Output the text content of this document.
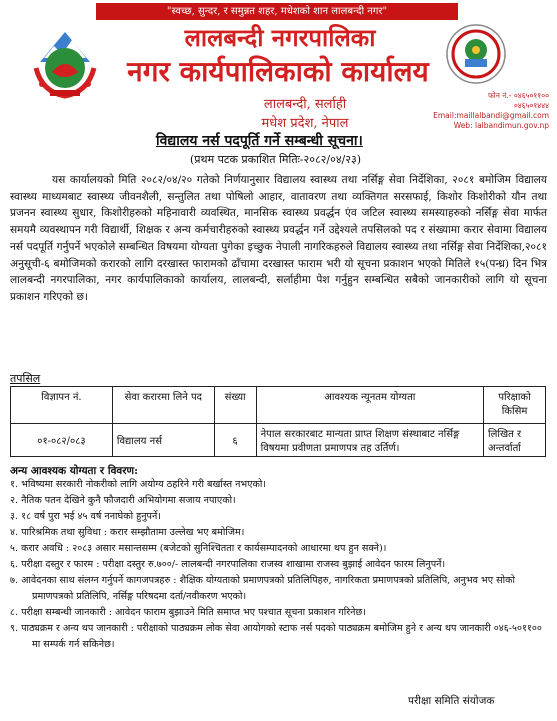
"स्वच्छ, सुन्दर, र समुन्नत शहर, मधेशको शान लालबन्दी नगर"
लालबन्दी नगरपालिका
नगर कार्यपालिकाको कार्यालय
लालबन्दी, सर्लाही
मधेश प्रदेश, नेपाल
फोन नं.- ०४६५०११००
०४६५०१४४४
Email:maillalbandi@gmail.com
Web: lalbandimun.gov.np
विद्यालय नर्स पदपूर्ति गर्ने सम्बन्धी सूचना।
(प्रथम पटक प्रकाशित मितिः-२०८२/०४/२३)
यस कार्यालयको मिति २०८२/०४/२० गतेको निर्णयानुसार विद्यालय स्वास्थ्य तथा नर्सिङ्ग सेवा निर्देशिका, २०८१ बमोजिम विद्यालय स्वास्थ्य माध्यमबाट स्वास्थ्य जीवनशैली, सन्तुलित तथा पोषिलो आहार, वातावरण तथा व्यक्तिगत सरसफाई, किशोर किशोरीको यौन तथा प्रजनन स्वास्थ्य सुधार, किशोरीहरुको महिनावारी व्यवस्थित, मानसिक स्वास्थ्य प्रवर्द्धन एंव जटिल स्वास्थ्य समस्याहरुको नर्सिङ्ग सेवा मार्फत समयमै व्यवस्थापन गरी विद्यार्थी, शिक्षक र अन्य कर्मचारीहरुको स्वास्थ्य प्रवर्द्धन गर्ने उद्देश्यले तपसिलको पद र संख्यामा करार सेवामा विद्यालय नर्स पदपूर्ति गर्नुपर्ने भएकोले सम्बन्धित विषयमा योग्यता पुगेका इच्छुक नेपाली नागरिकहरुले विद्यालय स्वास्थ्य तथा नर्सिङ्ग सेवा निर्देशिका,२०८१ अनुसूची-६ बमोजिमको करारको लागि दरखास्त फारामको ढाँचामा दरखास्त फाराम भरी यो सूचना प्रकाशन भएको मितिले १५(पन्ध्र) दिन भित्र लालबन्दी नगरपालिका, नगर कार्यपालिकाको कार्यालय, लालबन्दी, सर्लाहीमा पेश गर्नुहुन सम्बन्धित सबैको जानकारीको लागि यो सूचना प्रकाशन गरिएको छ।
तपसिल
विज्ञापन नं.	सेवा करारमा लिने पद	संख्या	आवश्यक न्यूनतम योग्यता	परिक्षाको किसिम
०१-०८२/०८३	विद्यालय नर्स	६	नेपाल सरकारबाट मान्यता प्राप्त शिक्षण संस्थाबाट नर्सिङ्ग विषयमा प्रवीणता प्रमाणपत्र तह उर्तिर्ण।	लिखित र अन्तर्वार्ता
अन्य आवश्यक योग्यता र विवरण:
१. भविष्यमा सरकारी नोकरीको लागि अयोग्य ठहरिने गरी बर्खास्त नभएको।
२. नैतिक पतन देखिने कुनै फौजदारी अभियोगमा सजाय नपाएको।
३. १८ वर्ष पुरा भई ४५ वर्ष ननाघेको हुनुपर्ने।
४. पारिश्रमिक तथा सुविधा : करार सम्झौतामा उल्लेख भए बमोजिम।
५. करार अवधि : २०८३ असार मसान्तसम्म (बजेटको सुनिश्चितता र कार्यसम्पादनको आधारमा थप हुन सक्ने)।
६. परीक्षा दस्तुर र फारम : परीक्षा दस्तुर रु.७००/- लालबन्दी नगरपालिका राजस्व शाखामा राजस्व बुझाई आवेदन फारम लिनुपर्ने।
७. आवेदनका साथ संलग्न गर्नुपर्ने कागजपत्रहरु : शैक्षिक योग्यताको प्रमाणपत्रको प्रतिलिपिहरु, नागरिकता प्रमाणपत्रको प्रतिलिपि, अनुभव भए सोको प्रमाणपत्रको प्रतिलिपि, नर्सिङ्ग परिषदमा दर्ता/नवीकरण भएको।
८. परीक्षा सम्बन्धी जानकारी : आवेदन फाराम बुझाउने मिति समाप्त भए पश्चात सूचना प्रकाशन गरिनेछ।
९. पाठ्यक्रम र अन्य थप जानकारी : परीक्षाको पाठ्यक्रम लोक सेवा आयोगको स्टाफ नर्स पदको पाठ्यक्रम बमोजिम हुने र अन्य थप जानकारी ०४६-५०११०० मा सम्पर्क गर्न सकिनेछ।
परीक्षा समिति संयोजक
